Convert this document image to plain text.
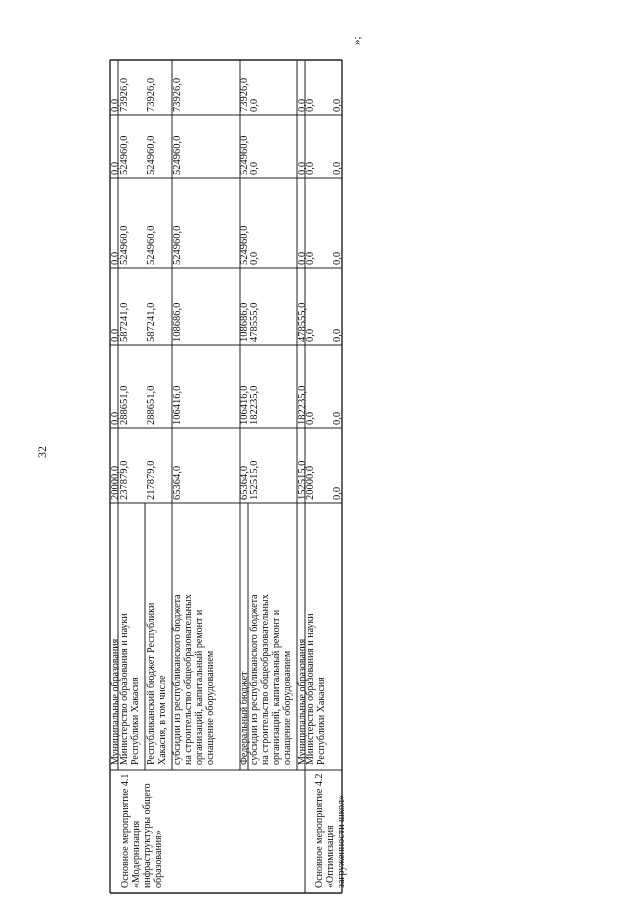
32
»;
Основное мероприятие 4.1 «Модернизация инфраструктуры общего образования»	Основное мероприятие 4.2 «Оптимизация загруженности школ»
Муниципальные образования
20000,0
0,0
0,0
0,0
0,0
0,0
Министерство образования и науки Республики Хакасия
237879,0
288651,0
587241,0
524960,0
524960,0
73926,0
Республиканский бюджет Республики Хакасия, в том числе
217879,0
288651,0
587241,0
524960,0
524960,0
73926,0
субсидии из республиканского бюджета на строительство общеобразовательных организаций, капитальный ремонт и оснащение оборудованием
65364,0
106416,0
108686,0
524960,0
524960,0
73926,0
Федеральный бюджет
65364,0
106416,0
108686,0
524960,0
524960,0
73926,0
субсидии из республиканского бюджета на строительство общеобразовательных организаций, капитальный ремонт и оснащение оборудованием
152515,0
182235,0
478555,0
0,0
0,0
0,0
Муниципальные образования
152515,0
182235,0
478555,0
0,0
0,0
0,0
Министерство образования и науки Республики Хакасия
20000,0
0,0
0,0
0,0
0,0
0,0
0,0
0,0
0,0
0,0
0,0
0,0
